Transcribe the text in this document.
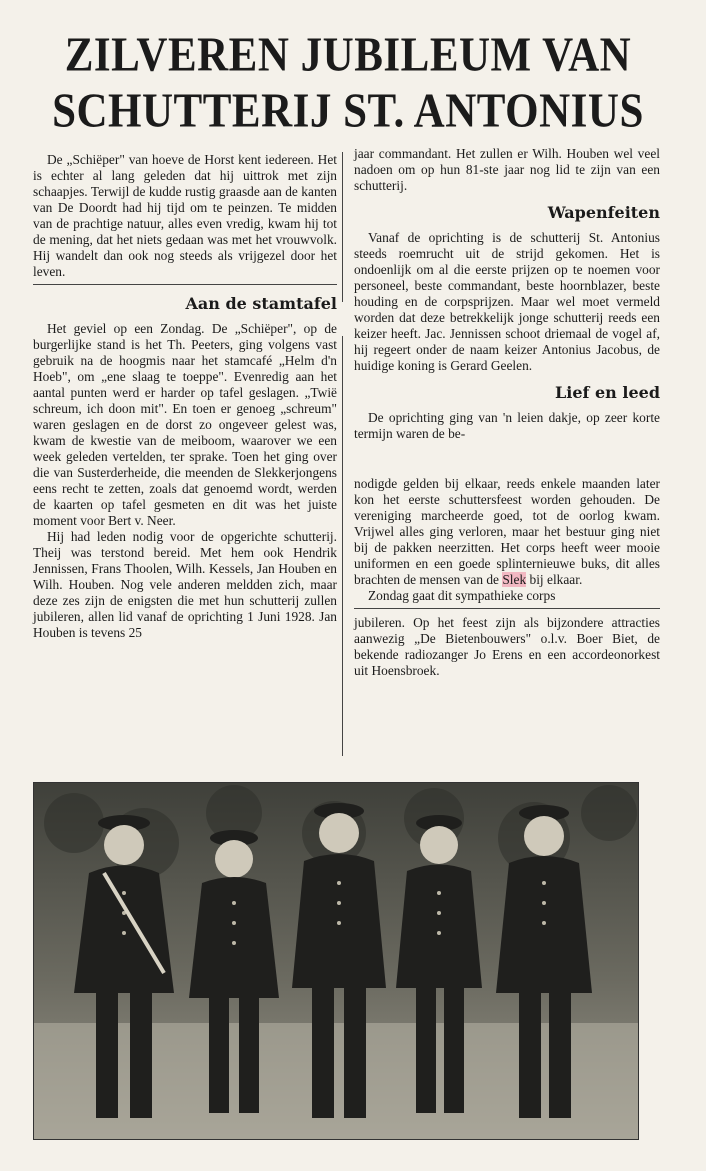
ZILVEREN JUBILEUM VAN
SCHUTTERIJ ST. ANTONIUS

De „Schiëper" van hoeve de Horst kent iedereen. Het is echter al lang geleden dat hij uittrok met zijn schaapjes. Terwijl de kudde rustig graasde aan de kanten van De Doordt had hij tijd om te peinzen. Te midden van de prachtige natuur, alles even vredig, kwam hij tot de mening, dat het niets gedaan was met het vrouwvolk. Hij wandelt dan ook nog steeds als vrijgezel door het leven.

Aan de stamtafel

Het geviel op een Zondag. De „Schiëper", op de burgerlijke stand is het Th. Peeters, ging volgens vast gebruik na de hoogmis naar het stamcafé „Helm d'n Hoeb", om „ene slaag te toeppe". Evenredig aan het aantal punten werd er harder op tafel geslagen. „Twië schreum, ich doon mit". En toen er genoeg „schreum" waren geslagen en de dorst zo ongeveer gelest was, kwam de kwestie van de meiboom, waarover we een week geleden vertelden, ter sprake. Toen het ging over die van Susterderheide, die meenden de Slekkerjongens eens recht te zetten, zoals dat genoemd wordt, werden de kaarten op tafel gesmeten en dit was het juiste moment voor Bert v. Neer.

Hij had leden nodig voor de opgerichte schutterij. Theij was terstond bereid. Met hem ook Hendrik Jennissen, Frans Thoolen, Wilh. Kessels, Jan Houben en Wilh. Houben. Nog vele anderen meldden zich, maar deze zes zijn de enigsten die met hun schutterij zullen jubileren, allen lid vanaf de oprichting 1 Juni 1928. Jan Houben is tevens 25

jaar commandant. Het zullen er Wilh. Houben wel veel nadoen om op hun 81-ste jaar nog lid te zijn van een schutterij.

Wapenfeiten

Vanaf de oprichting is de schutterij St. Antonius steeds roemrucht uit de strijd gekomen. Het is ondoenlijk om al die eerste prijzen op te noemen voor personeel, beste commandant, beste hoornblazer, beste houding en de corpsprijzen. Maar wel moet vermeld worden dat deze betrekkelijk jonge schutterij reeds een keizer heeft. Jac. Jennissen schoot driemaal de vogel af, hij regeert onder de naam keizer Antonius Jacobus, de huidige koning is Gerard Geelen.

Lief en leed

De oprichting ging van 'n leien dakje, op zeer korte termijn waren de be-

nodigde gelden bij elkaar, reeds enkele maanden later kon het eerste schuttersfeest worden gehouden. De vereniging marcheerde goed, tot de oorlog kwam. Vrijwel alles ging verloren, maar het bestuur ging niet bij de pakken neerzitten. Het corps heeft weer mooie uniformen en een goede splinternieuwe buks, dit alles brachten de mensen van de Slek bij elkaar.

Zondag gaat dit sympathieke corps

jubileren. Op het feest zijn als bijzondere attracties aanwezig „De Bietenbouwers" o.l.v. Boer Biet, de bekende radiozanger Jo Erens en een accordeonorkest uit Hoensbroek.
